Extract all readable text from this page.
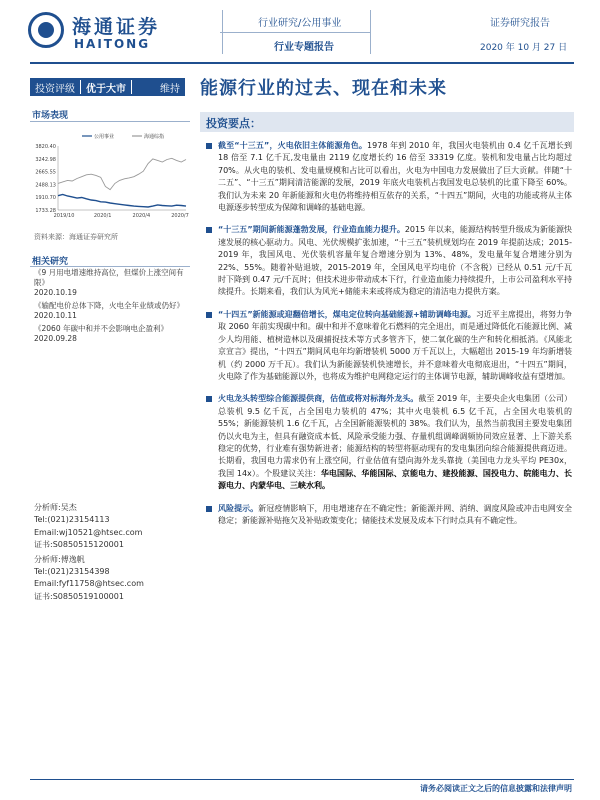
海通证券
HAITONG
行业研究/公用事业
行业专题报告
证券研究报告
2020 年 10 月 27 日
投资评级	优于大市	维持 能源行业的过去、现在和未来
市场表现
3820.40
3242.98
2665.55
2488.13
1910.70
1733.28
2019/10	2020/1	2020/4	2020/7
公用事业	海通综指
资料来源：海通证券研究所
相关研究
《9 月用电增速维持高位，但煤价上涨空间有限》
2020.10.19
《输配电价总体下降，火电全年业绩或仍好》
2020.10.11
《2060 年碳中和并不会影响电企盈利》
2020.09.28
分析师:吴杰
Tel:(021)23154113
Email:wj10521@htsec.com
证书:S0850515120001
分析师:傅逸帆
Tel:(021)23154398
Email:fyf11758@htsec.com
证书:S0850519100001
投资要点：
截至“十三五”，火电依旧主体能源角色。1978 年到 2010 年，我国火电装机由 0.4 亿千瓦增长到 18 倍至 7.1 亿千瓦,发电量由 2119 亿度增长约 16 倍至 33319 亿度。装机和发电量占比均超过 70%。从火电的装机、发电量规模和占比可以看出，火电为中国电力发展做出了巨大贡献。伴随“十二五”、“十三五”期间清洁能源的发展，2019 年底火电装机占我国发电总装机的比重下降至 60%。我们认为未来 20 年新能源和火电仍将维持相互依存的关系，“十四五”期间，火电的功能或将从主体电源逐步转型成为保障和调峰的基础电源。
“十三五”期间新能源蓬勃发展，行业造血能力提升。2015 年以来，能源结构转型升级成为新能源快速发展的核心驱动力。风电、光伏规模扩张加速，“十三五”装机规划均在 2019 年提前达成；2015-2019 年，我国风电、光伏装机容量年复合增速分别为 13%、48%，发电量年复合增速分别为 22%、55%。随着补贴退坡，2015-2019 年，全国风电平均电价（不含税）已经从 0.51 元/千瓦时下降到 0.47 元/千瓦时；但技术进步带动成本下行，行业造血能力持续提升，上市公司盈利水平持续提升。长期来看，我们认为风光+储能未来或将成为稳定的清洁电力提供方案。
“十四五”新能源或迎翻倍增长，煤电定位转向基础能源+辅助调峰电源。习近平主席提出，将努力争取 2060 年前实现碳中和。碳中和并不意味着化石燃料的完全退出，而是通过降低化石能源比例、减少人均用能、植树造林以及碳捕捉技术等方式多管齐下，使二氧化碳的生产和转化相抵消。《风能北京宣言》提出，“十四五”期间风电年均新增装机 5000 万千瓦以上，大幅超出 2015-19 年均新增装机（约 2000 万千瓦）。我们认为新能源装机快速增长，并不意味着火电彻底退出，“十四五”期间，火电除了作为基础能源以外，也将成为维护电网稳定运行的主体调节电源，辅助调峰收益有望增加。
火电龙头转型综合能源提供商，估值或将对标海外龙头。截至 2019 年，主要央企火电集团（公司）总装机 9.5 亿千瓦，占全国电力装机的 47%；其中火电装机 6.5 亿千瓦，占全国火电装机的 55%；新能源装机 1.6 亿千瓦，占全国新能源装机的 38%。我们认为，虽然当前我国主要发电集团仍以火电为主，但具有融资成本低、风险承受能力强、存量机组调峰调频协同效应显著、上下游关系稳定的优势，行业难有强势新进者；能源结构的转型将驱动现有的发电集团向综合能源提供商迈进。长期看，我国电力需求仍有上涨空间，行业估值有望向海外龙头靠拢（美国电力龙头平均 PE30x，我国 14x）。个股建议关注：华电国际、华能国际、京能电力、建投能源、国投电力、皖能电力、长源电力、内蒙华电、三峡水利。
风险提示。新冠疫情影响下，用电增速存在不确定性；新能源并网、消纳、调度风险或冲击电网安全稳定；新能源补贴拖欠及补贴政策变化；储能技术发展及成本下行时点具有不确定性。
请务必阅读正文之后的信息披露和法律声明
